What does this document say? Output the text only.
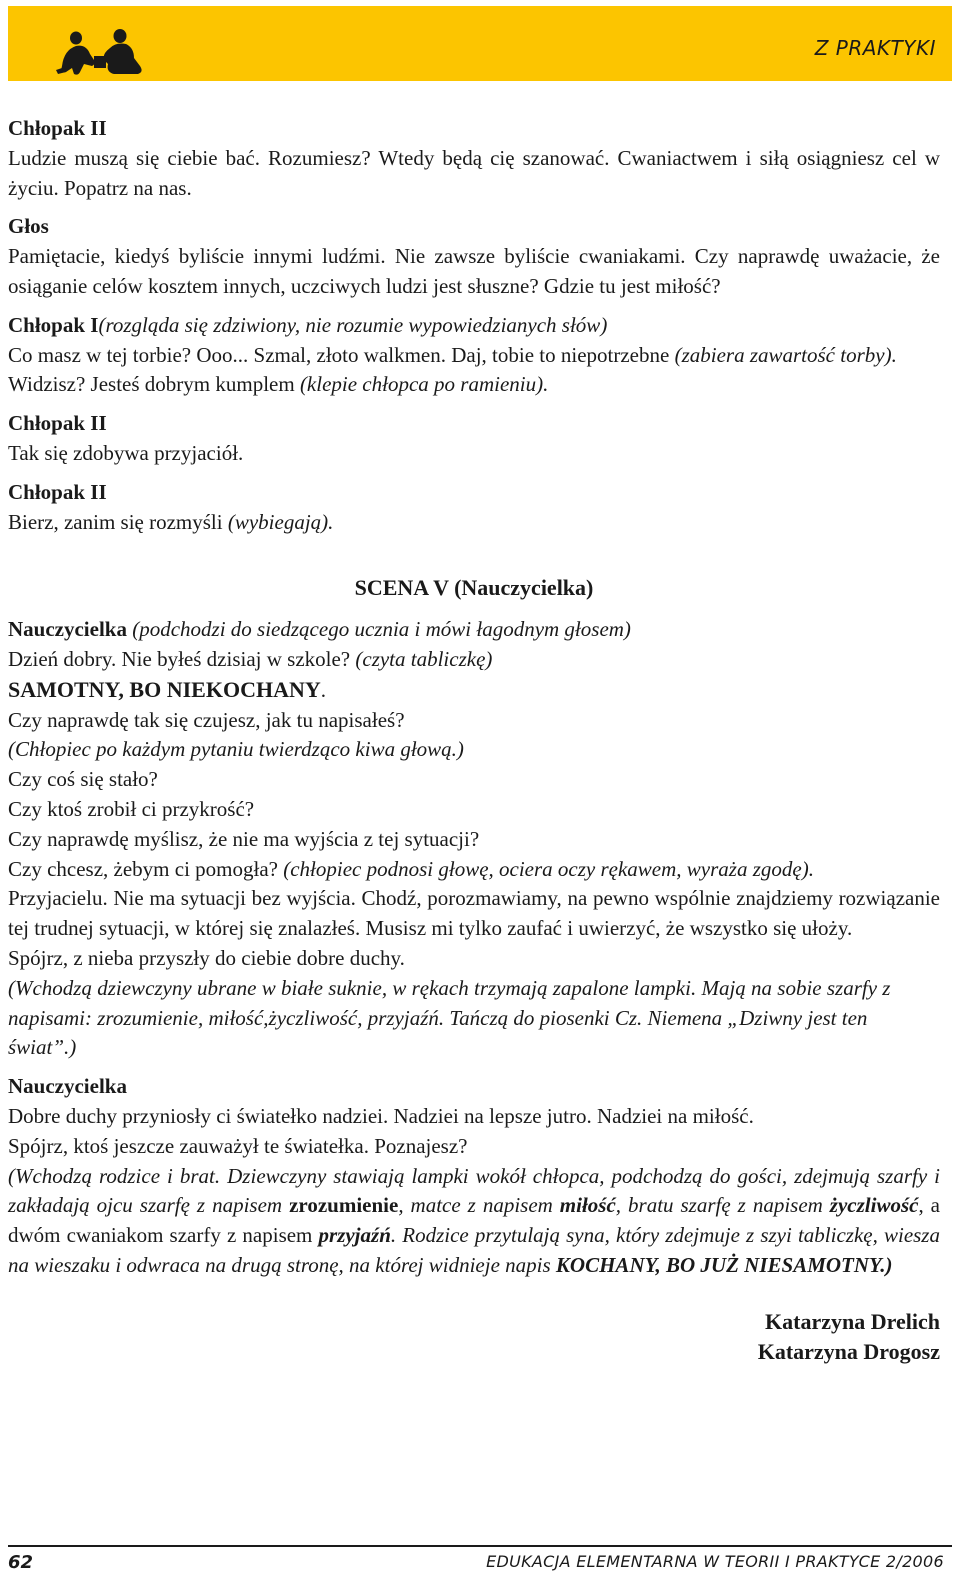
Z PRAKTYKI

Chłopak II

Ludzie muszą się ciebie bać. Rozumiesz? Wtedy będą cię szanować. Cwaniactwem i siłą osiągniesz cel w życiu. Popatrz na nas.

Głos

Pamiętacie, kiedyś byliście innymi ludźmi. Nie zawsze byliście cwaniakami. Czy naprawdę uważacie, że osiąganie celów kosztem innych, uczciwych ludzi jest słuszne? Gdzie tu jest miłość?

Chłopak I(rozgląda się zdziwiony, nie rozumie wypowiedzianych słów)

Co masz w tej torbie? Ooo... Szmal, złoto walkmen. Daj, tobie to niepotrzebne (zabiera zawartość torby).

Widzisz? Jesteś dobrym kumplem (klepie chłopca po ramieniu).

Chłopak II

Tak się zdobywa przyjaciół.

Chłopak II

Bierz, zanim się rozmyśli (wybiegają).

SCENA V (Nauczycielka)

Nauczycielka (podchodzi do siedzącego ucznia i mówi łagodnym głosem)

Dzień dobry. Nie byłeś dzisiaj w szkole? (czyta tabliczkę)

SAMOTNY, BO NIEKOCHANY.

Czy naprawdę tak się czujesz, jak tu napisałeś?

(Chłopiec po każdym pytaniu twierdząco kiwa głową.)

Czy coś się stało?

Czy ktoś zrobił ci przykrość?

Czy naprawdę myślisz, że nie ma wyjścia z tej sytuacji?

Czy chcesz, żebym ci pomogła? (chłopiec podnosi głowę, ociera oczy rękawem, wyraża zgodę).

Przyjacielu. Nie ma sytuacji bez wyjścia. Chodź, porozmawiamy, na pewno wspólnie znajdziemy rozwiązanie tej trudnej sytuacji, w której się znalazłeś. Musisz mi tylko zaufać i uwierzyć, że wszystko się ułoży.

Spójrz, z nieba przyszły do ciebie dobre duchy.

(Wchodzą dziewczyny ubrane w białe suknie, w rękach trzymają zapalone lampki. Mają na sobie szarfy z napisami: zrozumienie, miłość,życzliwość, przyjaźń. Tańczą do piosenki Cz. Niemena „Dziwny jest ten świat”.)

Nauczycielka

Dobre duchy przyniosły ci światełko nadziei. Nadziei na lepsze jutro. Nadziei na miłość.

Spójrz, ktoś jeszcze zauważył te światełka. Poznajesz?

(Wchodzą rodzice i brat. Dziewczyny stawiają lampki wokół chłopca, podchodzą do gości, zdejmują szarfy i zakładają ojcu szarfę z napisem zrozumienie, matce z napisem miłość, bratu szarfę z napisem życzliwość, a dwóm cwaniakom szarfy z napisem przyjaźń. Rodzice przytulają syna, który zdejmuje z szyi tabliczkę, wiesza na wieszaku i odwraca na drugą stronę, na której widnieje napis KOCHANY, BO JUŻ NIESAMOTNY.)

Katarzyna Drelich
Katarzyna Drogosz
62	EDUKACJA ELEMENTARNA W TEORII I PRAKTYCE 2/2006
